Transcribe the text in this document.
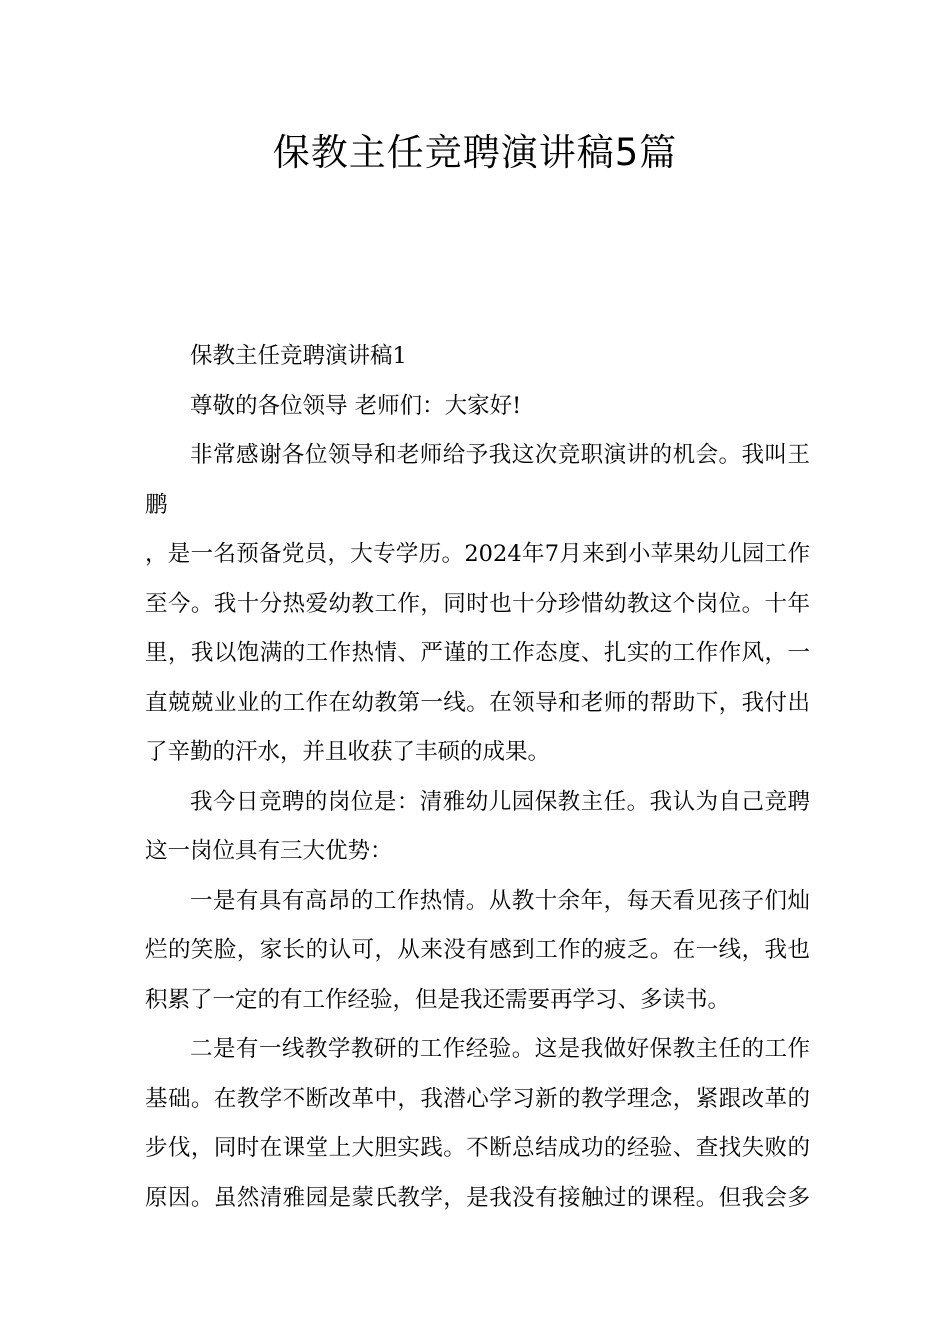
保教主任竞聘演讲稿5篇
保教主任竞聘演讲稿1
尊敬的各位领导 老师们：大家好!
非常感谢各位领导和老师给予我这次竞职演讲的机会。我叫王
鹏
，是一名预备党员，大专学历。2024年7月来到小苹果幼儿园工作
至今。我十分热爱幼教工作，同时也十分珍惜幼教这个岗位。十年
里，我以饱满的工作热情、严谨的工作态度、扎实的工作作风，一
直兢兢业业的工作在幼教第一线。在领导和老师的帮助下，我付出
了辛勤的汗水，并且收获了丰硕的成果。
我今日竞聘的岗位是：清雅幼儿园保教主任。我认为自己竞聘
这一岗位具有三大优势：
一是有具有高昂的工作热情。从教十余年，每天看见孩子们灿
烂的笑脸，家长的认可，从来没有感到工作的疲乏。在一线，我也
积累了一定的有工作经验，但是我还需要再学习、多读书。
二是有一线教学教研的工作经验。这是我做好保教主任的工作
基础。在教学不断改革中，我潜心学习新的教学理念，紧跟改革的
步伐，同时在课堂上大胆实践。不断总结成功的经验、查找失败的
原因。虽然清雅园是蒙氏教学，是我没有接触过的课程。但我会多
